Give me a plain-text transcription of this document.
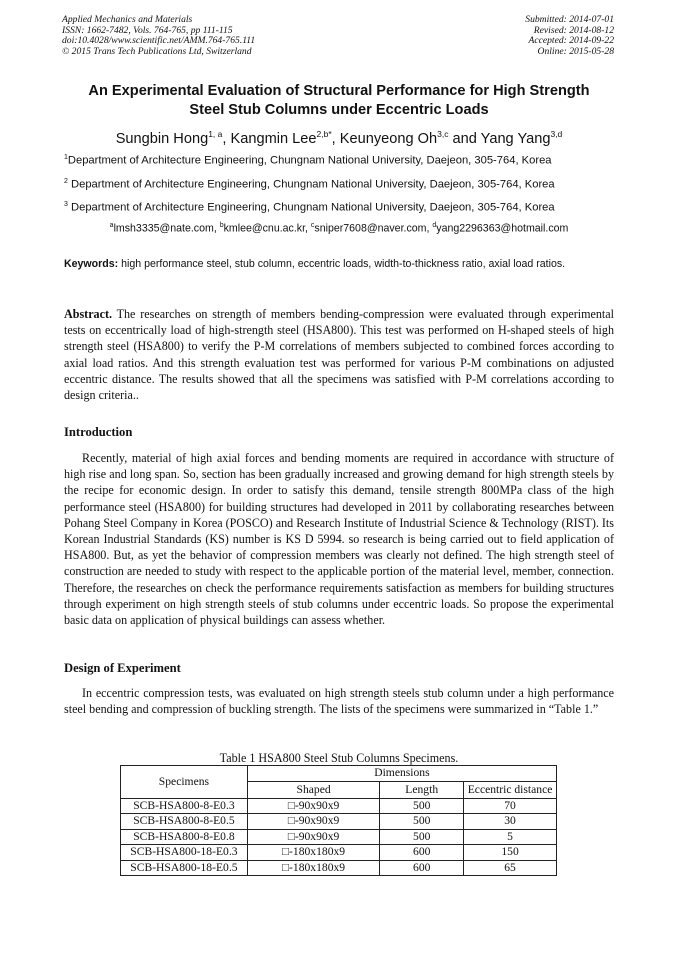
Applied Mechanics and Materials
ISSN: 1662-7482, Vols. 764-765, pp 111-115
doi:10.4028/www.scientific.net/AMM.764-765.111
© 2015 Trans Tech Publications Ltd, Switzerland
Submitted: 2014-07-01
Revised: 2014-08-12
Accepted: 2014-09-22
Online: 2015-05-28
An Experimental Evaluation of Structural Performance for High Strength
Steel Stub Columns under Eccentric Loads
Sungbin Hong$^{1, a}$, Kangmin Lee$^{2,b*}$, Keunyeong Oh$^{3,c}$ and Yang Yang$^{3,d}$
$^1$Department of Architecture Engineering, Chungnam National University, Daejeon, 305-764, Korea
$^2$ Department of Architecture Engineering, Chungnam National University, Daejeon, 305-764, Korea
$^3$ Department of Architecture Engineering, Chungnam National University, Daejeon, 305-764, Korea
$^a$lmsh3335@nate.com, $^b$kmlee@cnu.ac.kr, $^c$sniper7608@naver.com, $^d$yang2296363@hotmail.com
Keywords: high performance steel, stub column, eccentric loads, width-to-thickness ratio, axial load ratios.
Abstract. The researches on strength of members bending-compression were evaluated through experimental tests on eccentrically load of high-strength steel (HSA800). This test was performed on H-shaped steels of high strength steel (HSA800) to verify the P-M correlations of members subjected to combined forces according to axial load ratios. And this strength evaluation test was performed for various P-M combinations on adjusted eccentric distance. The results showed that all the specimens was satisfied with P-M correlations according to design criteria..
Introduction
Recently, material of high axial forces and bending moments are required in accordance with structure of high rise and long span. So, section has been gradually increased and growing demand for high strength steels by the recipe for economic design. In order to satisfy this demand, tensile strength 800MPa class of the high performance steel (HSA800) for building structures had developed in 2011 by collaborating researches between Pohang Steel Company in Korea (POSCO) and Research Institute of Industrial Science & Technology (RIST). Its Korean Industrial Standards (KS) number is KS D 5994. so research is being carried out to field application of HSA800. But, as yet the behavior of compression members was clearly not defined. The high strength steel of construction are needed to study with respect to the applicable portion of the material level, member, connection. Therefore, the researches on check the performance requirements satisfaction as members for building structures through experiment on high strength steels of stub columns under eccentric loads. So propose the experimental basic data on application of physical buildings can assess whether.
Design of Experiment
In eccentric compression tests, was evaluated on high strength steels stub column under a high performance steel bending and compression of buckling strength. The lists of the specimens were summarized in “Table 1.”
Table 1 HSA800 Steel Stub Columns Specimens.
Specimens	Dimensions		
	Shaped	Length	Eccentric distance
SCB-HSA800-8-E0.3	□-90x90x9	500	70
SCB-HSA800-8-E0.5	□-90x90x9	500	30
SCB-HSA800-8-E0.8	□-90x90x9	500	5
SCB-HSA800-18-E0.3	□-180x180x9	600	150
SCB-HSA800-18-E0.5	□-180x180x9	600	65
